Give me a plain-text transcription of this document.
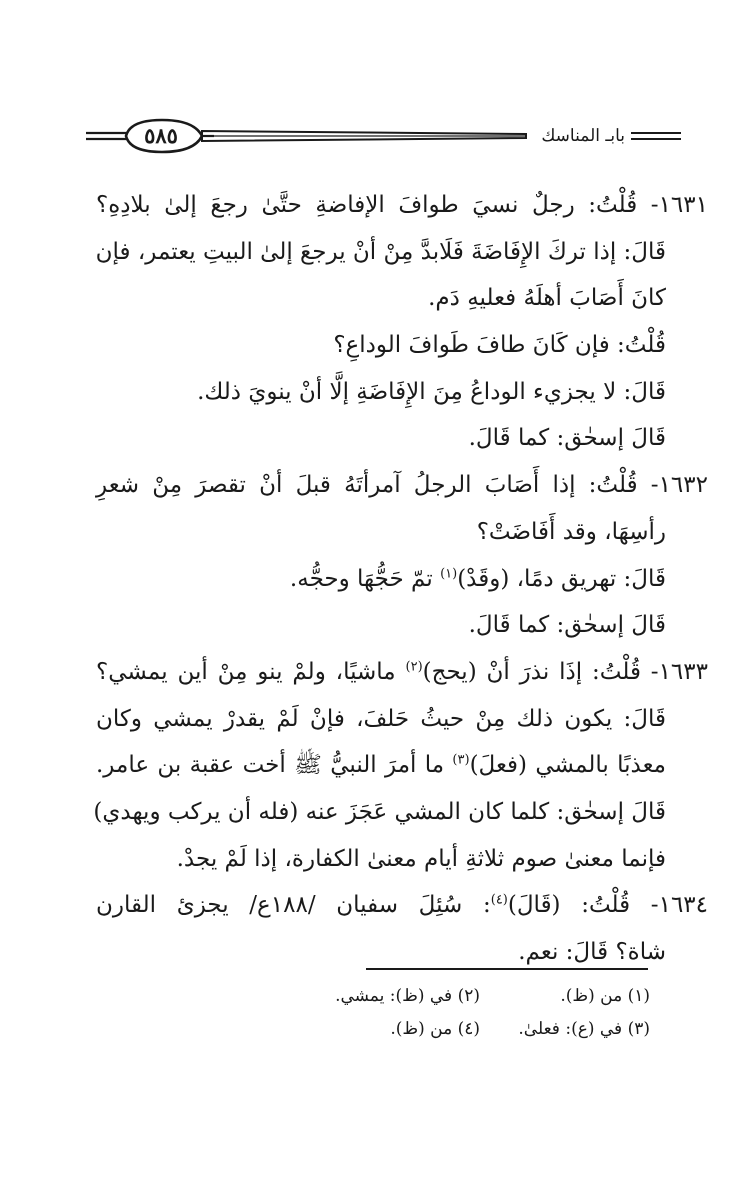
٥٨٥	بابـ المناسك
١٦٣١- قُلْتُ: رجلٌ نسيَ طوافَ الإفاضةِ حتَّىٰ رجعَ إلىٰ بلادِهِ؟
قَالَ: إذا تركَ الإِفَاضَةَ فَلَابدَّ مِنْ أنْ يرجعَ إلىٰ البيتِ يعتمر، فإن
كانَ أَصَابَ أهلَهُ فعليهِ دَم.
قُلْتُ: فإن كَانَ طافَ طَوافَ الوداعِ؟
قَالَ: لا يجزيء الوداعُ مِنَ الإِفَاضَةِ إلَّا أنْ ينويَ ذلك.
قَالَ إسحٰق: كما قَالَ.
١٦٣٢- قُلْتُ: إذا أَصَابَ الرجلُ آمرأتَهُ قبلَ أنْ تقصرَ مِنْ شعرِ
رأسِهَا، وقد أَفَاضَتْ؟
قَالَ: تهريق دمًا، (وقَدْ)$^{(١)}$ تمّ حَجُّهَا وحجُّه.
قَالَ إسحٰق: كما قَالَ.
١٦٣٣- قُلْتُ: إذَا نذرَ أنْ (يحج)$^{(٢)}$ ماشيًا، ولمْ ينو مِنْ أين يمشي؟
قَالَ: يكون ذلك مِنْ حيثُ حَلفَ، فإنْ لَمْ يقدرْ يمشي وكان
معذبًا بالمشي (فعلَ)$^{(٣)}$ ما أمرَ النبيُّ ﷺ أخت عقبة بن عامر.
قَالَ إسحٰق: كلما كان المشي عَجَزَ عنه (فله أن يركب ويهدي)
فإنما معنىٰ صوم ثلاثةِ أيام معنىٰ الكفارة، إذا لَمْ يجدْ.
١٦٣٤- قُلْتُ: (قَالَ)$^{(٤)}$: سُئِلَ سفيان /١٨٨ع/ يجزئ القارن
شاة؟ قَالَ: نعم.
(١) من (ظ).
(٢) في (ظ): يمشي.
(٣) في (ع): فعلىٰ.
(٤) من (ظ).
